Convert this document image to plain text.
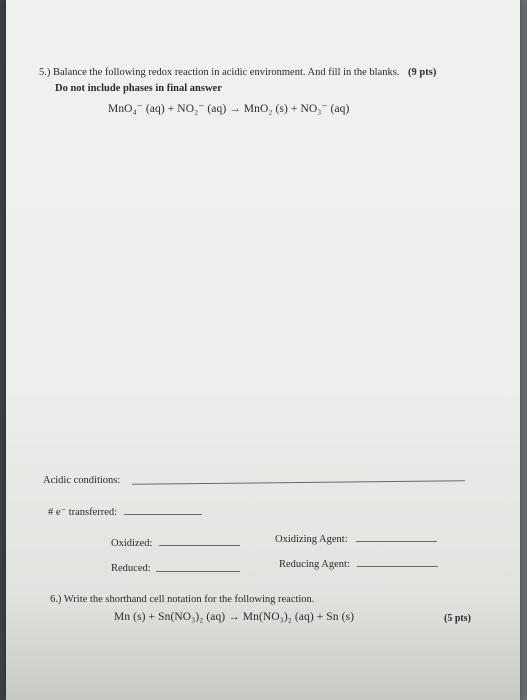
5.) Balance the following redox reaction in acidic environment. And fill in the blanks. (9 pts)
Do not include phases in final answer
MnO₄⁻ (aq) + NO₂⁻ (aq) → MnO₂ (s) + NO₃⁻ (aq)
Acidic conditions:
# e⁻ transferred:
Oxidized:	Oxidizing Agent:
Reduced:	Reducing Agent:
6.) Write the shorthand cell notation for the following reaction.
Mn (s) + Sn(NO₃)₂ (aq) → Mn(NO₃)₂ (aq) + Sn (s)	(5 pts)
